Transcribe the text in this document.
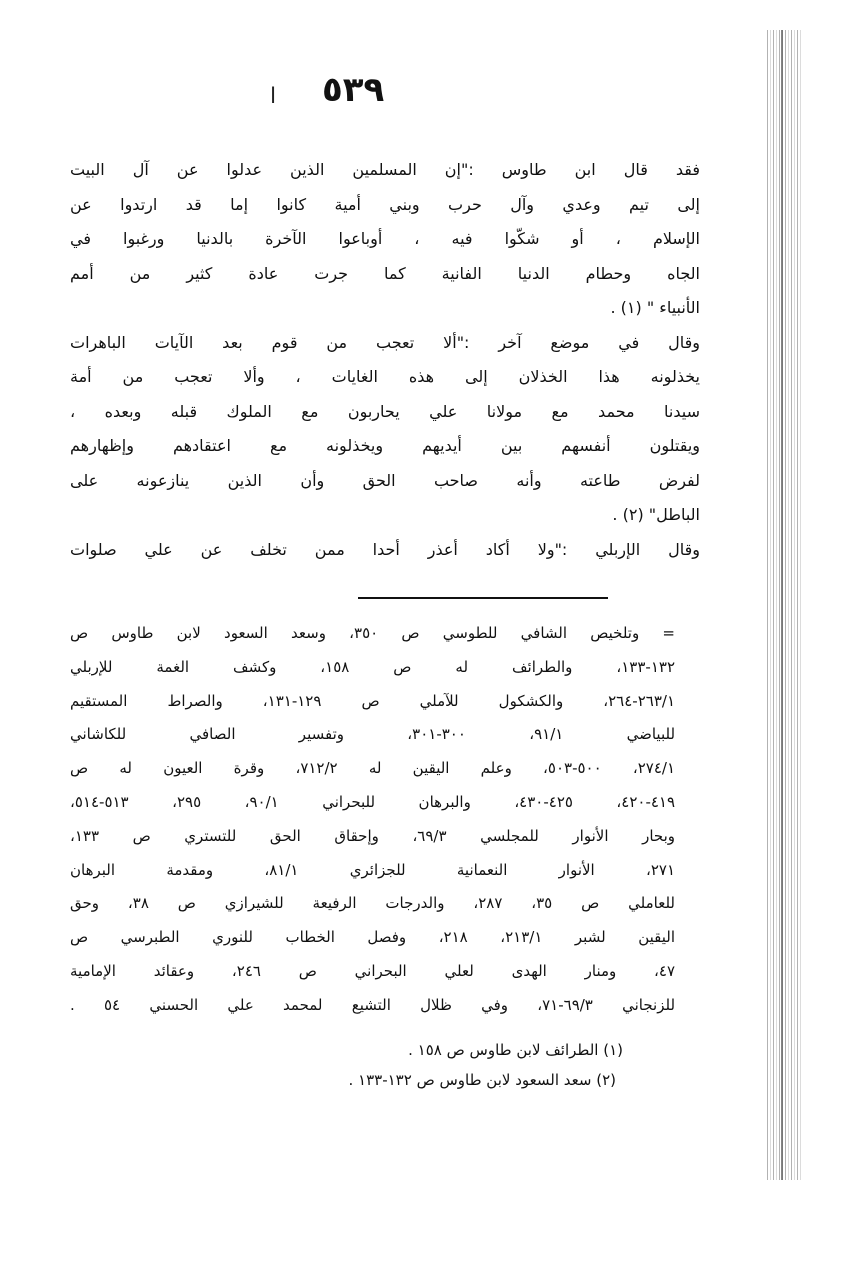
٥٣٩
ا
فقد قال ابن طاوس :"إن المسلمين الذين عدلوا عن آل البيت
إلى تيم وعدي وآل حرب وبني أمية كانوا إما قد ارتدوا عن
الإسلام ، أو شكّوا فيه ، أوباعوا الآخرة بالدنيا ورغبوا في
الجاه وحطام الدنيا الفانية كما جرت عادة كثير من أمم
الأنبياء " (١) .
وقال في موضع آخر :"ألا تعجب من قوم بعد الآيات الباهرات
يخذلونه هذا الخذلان إلى هذه الغايات ، وألا تعجب من أمة
سيدنا محمد مع مولانا علي يحاربون مع الملوك قبله وبعده ،
ويقتلون أنفسهم بين أيديهم ويخذلونه مع اعتقادهم وإظهارهم
لفرض طاعته وأنه صاحب الحق وأن الذين ينازعونه على
الباطل" (٢) .
وقال الإربلي :"ولا أكاد أعذر أحدا ممن تخلف عن علي صلوات
= وتلخيص الشافي للطوسي ص ٣٥٠، وسعد السعود لابن طاوس ص
١٣٢-١٣٣، والطرائف له ص ١٥٨، وكشف الغمة للإربلي
٢٦٣/١-٢٦٤، والكشكول للآملي ص ١٢٩-١٣١، والصراط المستقيم
للبياضي ٩١/١، ٣٠٠-٣٠١، وتفسير الصافي للكاشاني
٢٧٤/١، ٥٠٠-٥٠٣، وعلم اليقين له ٧١٢/٢، وقرة العيون له ص
٤١٩-٤٢٠، ٤٢٥-٤٣٠، والبرهان للبحراني ٩٠/١، ٢٩٥، ٥١٣-٥١٤،
وبحار الأنوار للمجلسي ٦٩/٣، وإحقاق الحق للتستري ص ١٣٣،
٢٧١، الأنوار النعمانية للجزائري ٨١/١، ومقدمة البرهان
للعاملي ص ٣٥، ٢٨٧، والدرجات الرفيعة للشيرازي ص ٣٨، وحق
اليقين لشبر ٢١٣/١، ٢١٨، وفصل الخطاب للنوري الطبرسي ص
٤٧، ومنار الهدى لعلي البحراني ص ٢٤٦، وعقائد الإمامية
للزنجاني ٦٩/٣-٧١، وفي ظلال التشيع لمحمد علي الحسني ٥٤ .
(١) الطرائف لابن طاوس ص ١٥٨ .
(٢) سعد السعود لابن طاوس ص ١٣٢-١٣٣ .
